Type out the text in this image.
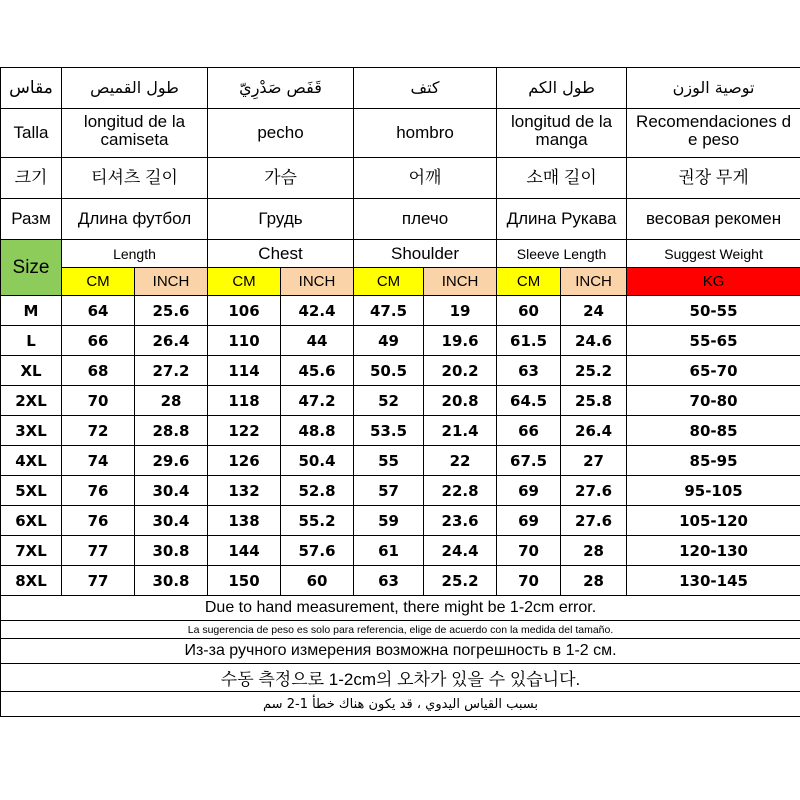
مقاس	طول القميص		قَفَص صَدْرِيّ		كتف		طول الكم		توصية الوزن
Talla	longitud de la camiseta		pecho		hombro		longitud de la manga		Recomendaciones de peso

크기	티셔츠 길이		가슴		어깨		소매 길이		권장 무게
Разм	Длина футбол		Грудь		плечо		Длина Рукава		весовая рекомен
Size	Length		Chest		Shoulder		Sleeve Length		Suggest Weight
	CM	INCH	CM	INCH	CM	INCH	CM	INCH	KG
M	64	25.6	106	42.4	47.5	19	60	24	50-55
L	66	26.4	110	44	49	19.6	61.5	24.6	55-65
XL	68	27.2	114	45.6	50.5	20.2	63	25.2	65-70
2XL	70	28	118	47.2	52	20.8	64.5	25.8	70-80
3XL	72	28.8	122	48.8	53.5	21.4	66	26.4	80-85
4XL	74	29.6	126	50.4	55	22	67.5	27	85-95
5XL	76	30.4	132	52.8	57	22.8	69	27.6	95-105
6XL	76	30.4	138	55.2	59	23.6	69	27.6	105-120
7XL	77	30.8	144	57.6	61	24.4	70	28	120-130
8XL	77	30.8	150	60	63	25.2	70	28	130-145
Due to hand measurement, there might be 1-2cm error.									
La sugerencia de peso es solo para referencia, elige de acuerdo con la medida del tamaño.									
Из-за ручного измерения возможна погрешность в 1-2 см.									
수동 측정으로 1-2cm의 오차가 있을 수 있습니다.									
بسبب القياس اليدوي ، قد يكون هناك خطأ 1-2 سم									
